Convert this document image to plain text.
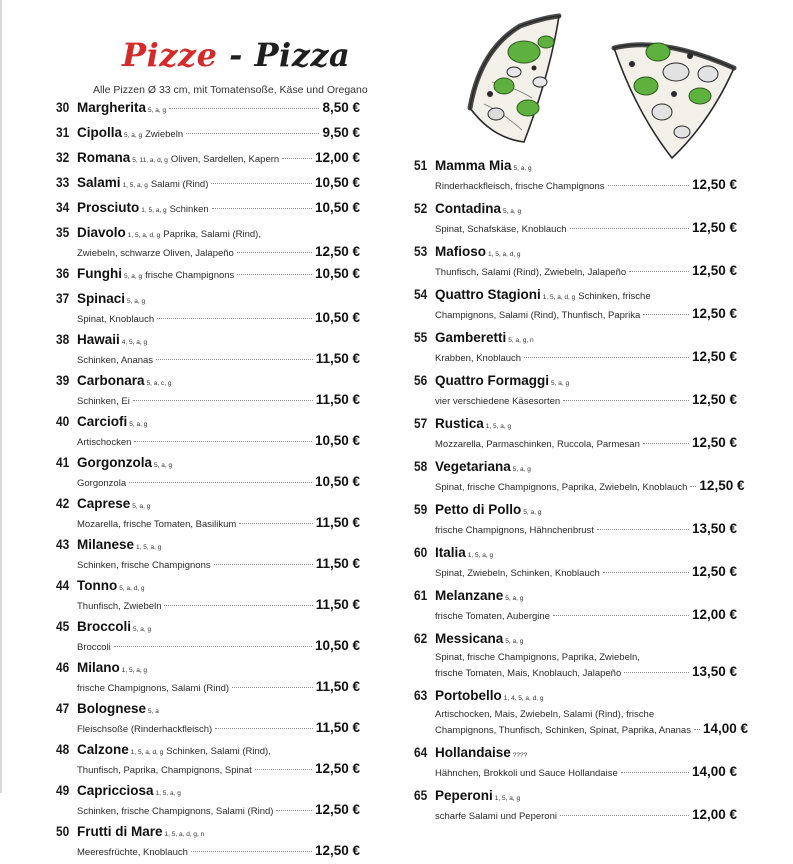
Pizze - Pizza

Alle Pizzen Ø 33 cm, mit Tomatensoße, Käse und Oregano

30 Margherita 5, a, g	8,50 €
31 Cipolla 5, a, g Zwiebeln	9,50 €
32 Romana 5, 11, a, d, g Oliven, Sardellen, Kapern	12,00 €
33 Salami 1, 5, a, g Salami (Rind)	10,50 €
34 Prosciuto 1, 5, a, g Schinken	10,50 €
35 Diavolo 1, 5, a, d, g Paprika, Salami (Rind),
Zwiebeln, schwarze Oliven, Jalapeño	12,50 €
36 Funghi 5, a, g frische Champignons	10,50 €
37 Spinaci 5, a, g
Spinat, Knoblauch	10,50 €
38 Hawaii 4, 5, a, g
Schinken, Ananas	11,50 €
39 Carbonara 5, a, c, g
Schinken, Ei	11,50 €
40 Carciofi 5, a, g
Artischocken	10,50 €
41 Gorgonzola 5, a, g
Gorgonzola	10,50 €
42 Caprese 5, a, g
Mozarella, frische Tomaten, Basilikum	11,50 €
43 Milanese 1, 5, a, g
Schinken, frische Champignons	11,50 €
44 Tonno 5, a, d, g
Thunfisch, Zwiebeln	11,50 €
45 Broccoli 5, a, g
Broccoli	10,50 €
46 Milano 1, 5, a, g
frische Champignons, Salami (Rind)	11,50 €
47 Bolognese 5, a
Fleischsoße (Rinderhackfleisch)	11,50 €
48 Calzone 1, 5, a, d, g Schinken, Salami (Rind),
Thunfisch, Paprika, Champignons, Spinat	12,50 €
49 Capricciosa 1, 5, a, g
Schinken, frische Champignons, Salami (Rind)	12,50 €
50 Frutti di Mare 1, 5, a, d, g, n
Meeresfrüchte, Knoblauch	12,50 €
51 Mamma Mia 5, a, g
Rinderhackfleisch, frische Champignons	12,50 €
52 Contadina 5, a, g
Spinat, Schafskäse, Knoblauch	12,50 €
53 Mafioso 1, 5, a, d, g
Thunfisch, Salami (Rind), Zwiebeln, Jalapeño	12,50 €
54 Quattro Stagioni 1, 5, a, d, g Schinken, frische
Champignons, Salami (Rind), Thunfisch, Paprika	12,50 €
55 Gamberetti 5, a, g, n
Krabben, Knoblauch	12,50 €
56 Quattro Formaggi 5, a, g
vier verschiedene Käsesorten	12,50 €
57 Rustica 1, 5, a, g
Mozzarella, Parmaschinken, Ruccola, Parmesan	12,50 €
58 Vegetariana 5, a, g
Spinat, frische Champignons, Paprika, Zwiebeln, Knoblauch 12,50 €
59 Petto di Pollo 5, a, g
frische Champignons, Hähnchenbrust	13,50 €
60 Italia 1, 5, a, g
Spinat, Zwiebeln, Schinken, Knoblauch	12,50 €
61 Melanzane 5, a, g
frische Tomaten, Aubergine	12,00 €
62 Messicana 5, a, g
Spinat, frische Champignons, Paprika, Zwiebeln,
frische Tomaten, Mais, Knoblauch, Jalapeño	13,50 €
63 Portobello 1, 4, 5, a, d, g
Artischocken, Mais, Zwiebeln, Salami (Rind), frische
Champignons, Thunfisch, Schinken, Spinat, Paprika, Ananas 14,00 €
64 Hollandaise ????
Hähnchen, Brokkoli und Sauce Hollandaise	14,00 €
65 Peperoni 1, 5, a, g
scharfe Salami und Peperoni	12,00 €
